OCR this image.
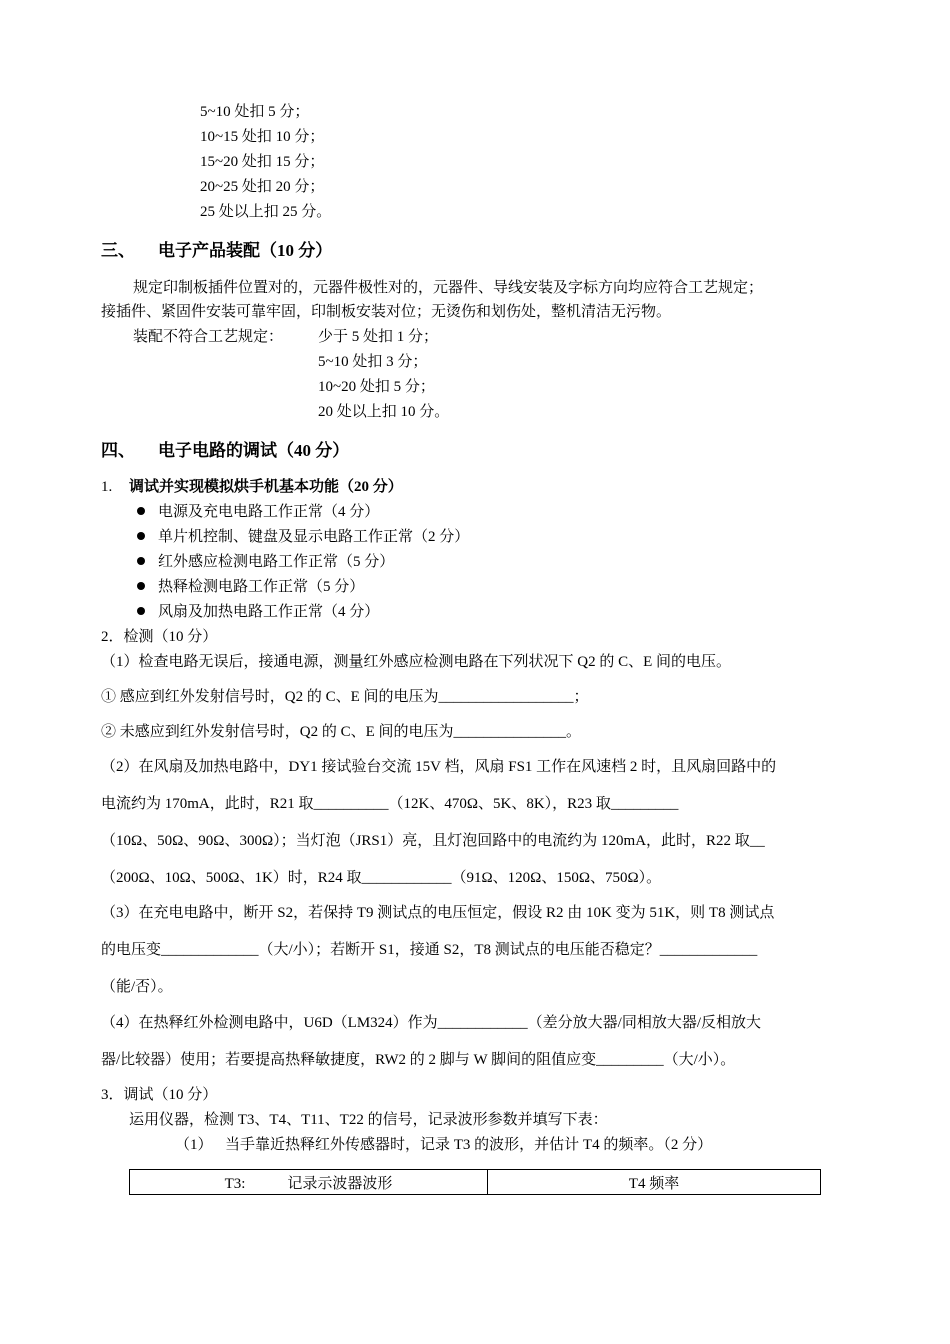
5~10 处扣 5 分；
10~15 处扣 10 分；
15~20 处扣 15 分；
20~25 处扣 20 分；
25 处以上扣 25 分。
三、 电子产品装配（10 分）
规定印制板插件位置对的，元器件极性对的，元器件、导线安装及字标方向均应符合工艺规定；
接插件、紧固件安装可靠牢固，印制板安装对位；无烫伤和划伤处，整机清洁无污物。
装配不符合工艺规定： 少于 5 处扣 1 分；
5~10 处扣 3 分；
10~20 处扣 5 分；
20 处以上扣 10 分。
四、 电子电路的调试（40 分）
1. 调试并实现模拟烘手机基本功能（20 分）
电源及充电电路工作正常（4 分）
单片机控制、键盘及显示电路工作正常（2 分）
红外感应检测电路工作正常（5 分）
热释检测电路工作正常（5 分）
风扇及加热电路工作正常（4 分）
2．检测（10 分）
（1）检查电路无误后，接通电源，测量红外感应检测电路在下列状况下 Q2 的 C、E 间的电压。
① 感应到红外发射信号时，Q2 的 C、E 间的电压为__________________；
② 未感应到红外发射信号时，Q2 的 C、E 间的电压为_______________。
（2）在风扇及加热电路中，DY1 接试验台交流 15V 档，风扇 FS1 工作在风速档 2 时，且风扇回路中的
电流约为 170mA，此时，R21 取__________（12K、470Ω、5K、8K），R23 取_________
（10Ω、50Ω、90Ω、300Ω）；当灯泡（JRS1）亮，且灯泡回路中的电流约为 120mA，此时，R22 取__
（200Ω、10Ω、500Ω、1K）时，R24 取____________（91Ω、120Ω、150Ω、750Ω）。
（3）在充电电路中，断开 S2，若保持 T9 测试点的电压恒定，假设 R2 由 10K 变为 51K，则 T8 测试点
的电压变_____________（大/小）；若断开 S1，接通 S2，T8 测试点的电压能否稳定？_____________
（能/否）。
（4）在热释红外检测电路中，U6D（LM324）作为____________（差分放大器/同相放大器/反相放大
器/比较器）使用；若要提高热释敏捷度，RW2 的 2 脚与 W 脚间的阻值应变_________（大/小）。
3．调试（10 分）
运用仪器，检测 T3、T4、T11、T22 的信号，记录波形参数并填写下表：
（1） 当手靠近热释红外传感器时，记录 T3 的波形，并估计 T4 的频率。（2 分）
T3:	记录示波器波形	T4 频率
